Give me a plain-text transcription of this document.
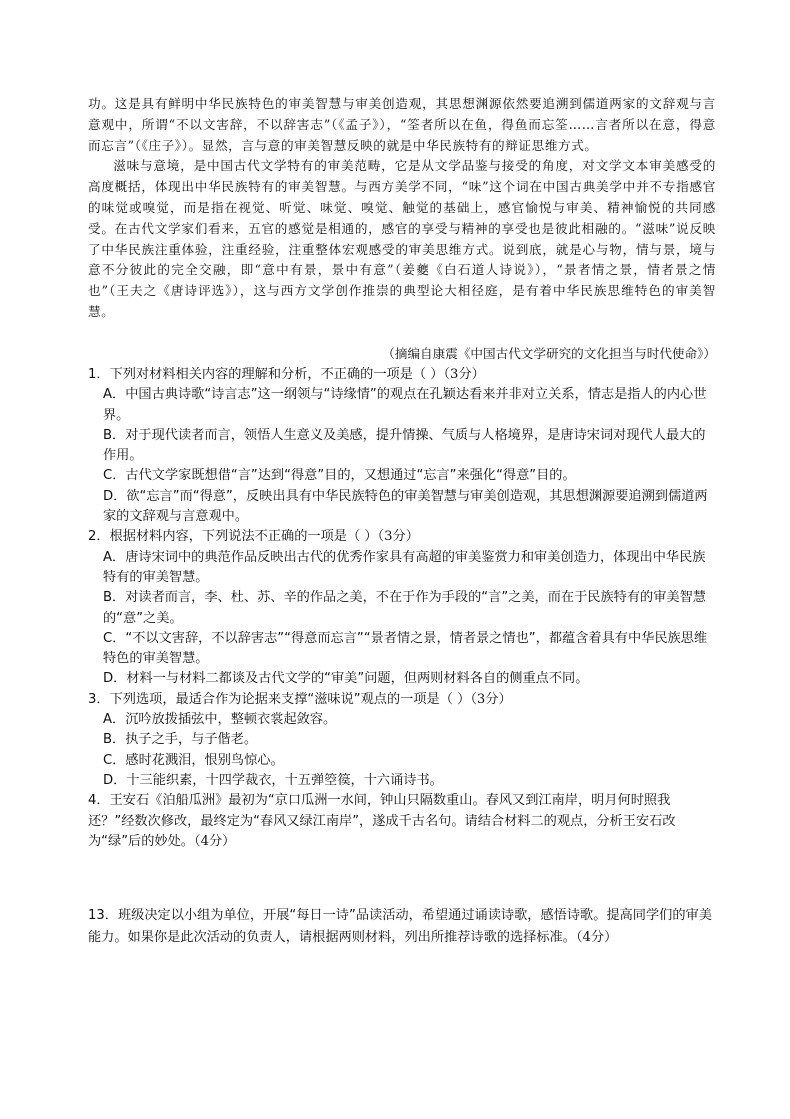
功。这是具有鲜明中华民族特色的审美智慧与审美创造观，其思想渊源依然要追溯到儒道两家的文辞观与言意观中，所谓“不以文害辞，不以辞害志”（《孟子》），“筌者所以在鱼，得鱼而忘筌……言者所以在意，得意而忘言”（《庄子》）。显然，言与意的审美智慧反映的就是中华民族特有的辩证思维方式。

滋味与意境，是中国古代文学特有的审美范畴，它是从文学品鉴与接受的角度，对文学文本审美感受的高度概括，体现出中华民族特有的审美智慧。与西方美学不同，“味”这个词在中国古典美学中并不专指感官的味觉或嗅觉，而是指在视觉、听觉、味觉、嗅觉、触觉的基础上，感官愉悦与审美、精神愉悦的共同感受。在古代文学家们看来，五官的感觉是相通的，感官的享受与精神的享受也是彼此相融的。“滋味”说反映了中华民族注重体验，注重经验，注重整体宏观感受的审美思维方式。说到底，就是心与物，情与景，境与意不分彼此的完全交融，即“意中有景，景中有意”（姜夔《白石道人诗说》），“景者情之景，情者景之情也”（王夫之《唐诗评选》），这与西方文学创作推崇的典型论大相径庭，是有着中华民族思维特色的审美智慧。

（摘编自康震《中国古代文学研究的文化担当与时代使命》）
1．下列对材料相关内容的理解和分析，不正确的一项是（ ）（3分）
A．中国古典诗歌“诗言志”这一纲领与“诗缘情”的观点在孔颖达看来并非对立关系，情志是指人的内心世界。
B．对于现代读者而言，领悟人生意义及美感，提升情操、气质与人格境界，是唐诗宋词对现代人最大的作用。
C．古代文学家既想借“言”达到“得意”目的，又想通过“忘言”来强化“得意”目的。
D．欲“忘言”而“得意”，反映出具有中华民族特色的审美智慧与审美创造观，其思想渊源要追溯到儒道两家的文辞观与言意观中。
2．根据材料内容，下列说法不正确的一项是（ ）（3分）
A．唐诗宋词中的典范作品反映出古代的优秀作家具有高超的审美鉴赏力和审美创造力，体现出中华民族特有的审美智慧。
B．对读者而言，李、杜、苏、辛的作品之美，不在于作为手段的“言”之美，而在于民族特有的审美智慧的“意”之美。
C．“不以文害辞，不以辞害志”“得意而忘言”“景者情之景，情者景之情也”，都蕴含着具有中华民族思维特色的审美智慧。
D．材料一与材料二都谈及古代文学的“审美”问题，但两则材料各自的侧重点不同。
3．下列选项，最适合作为论据来支撑“滋味说”观点的一项是（ ）（3分）
A．沉吟放拨插弦中，整顿衣裳起敛容。
B．执子之手，与子偕老。
C．感时花溅泪，恨别鸟惊心。
D．十三能织素，十四学裁衣，十五弹箜篌，十六诵诗书。
4．王安石《泊船瓜洲》最初为“京口瓜洲一水间，钟山只隔数重山。春风又到江南岸，明月何时照我还？”经数次修改，最终定为“春风又绿江南岸”，遂成千古名句。请结合材料二的观点，分析王安石改为“绿”后的妙处。（4分）
13．班级决定以小组为单位，开展“每日一诗”品读活动，希望通过诵读诗歌，感悟诗歌。提高同学们的审美能力。如果你是此次活动的负责人，请根据两则材料，列出所推荐诗歌的选择标准。（4分）
